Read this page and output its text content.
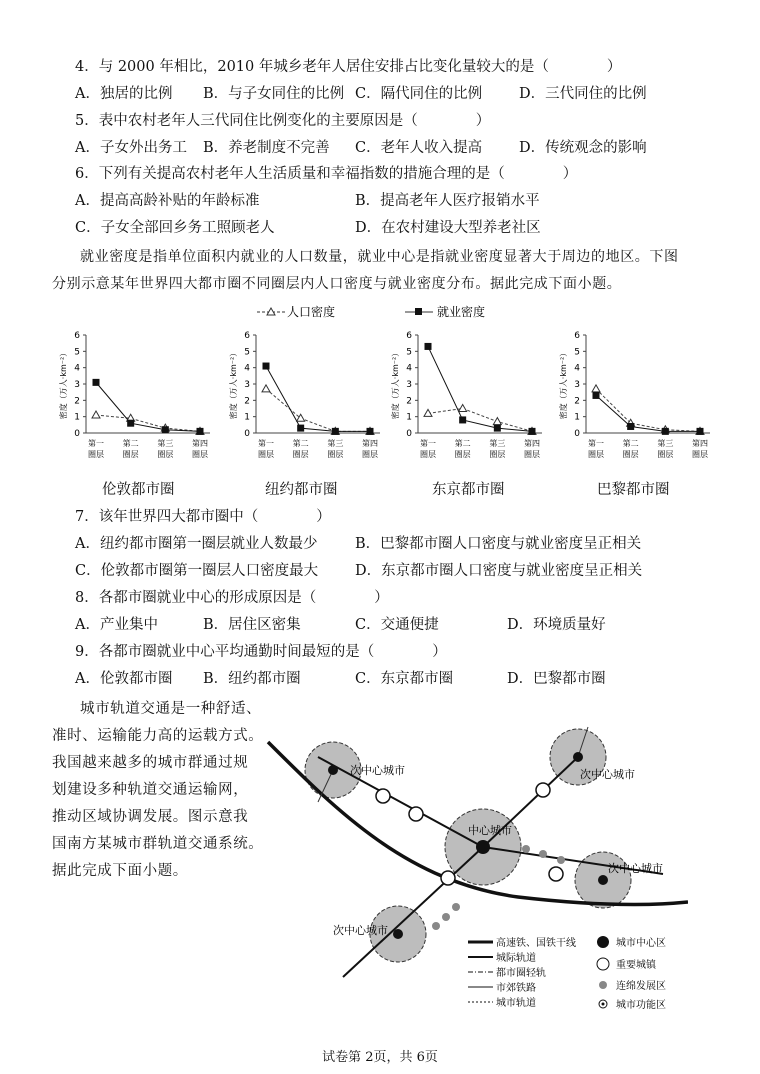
4．与 2000 年相比，2010 年城乡老年人居住安排占比变化量较大的是（　　　　）
A．独居的比例 B．与子女同住的比例 C．隔代同住的比例	D．三代同住的比例
5．表中农村老年人三代同住比例变化的主要原因是（　　　　）
A．子女外出务工 B．养老制度不完善 C．老年人收入提高	D．传统观念的影响
6．下列有关提高农村老年人生活质量和幸福指数的措施合理的是（　　　　）
A．提高高龄补贴的年龄标准	B．提高老年人医疗报销水平
C．子女全部回乡务工照顾老人	D．在农村建设大型养老社区
就业密度是指单位面积内就业的人口数量，就业中心是指就业密度显著大于周边的地区。下图
分别示意某年世界四大都市圈不同圈层内人口密度与就业密度分布。据此完成下面小题。
人口密度	就业密度
0
1
2
3
4
5
6
密度（万人·km⁻²）
第一
圈层
第二
圈层
第三
圈层
第四
圈层
0
1
2
3
4
5
6
密度（万人·km⁻²）
第一
圈层
第二
圈层
第三
圈层
第四
圈层
0
1
2
3
4
5
6
密度（万人·km⁻²）
第一
圈层
第二
圈层
第三
圈层
第四
圈层
0
1
2
3
4
5
6
密度（万人·km⁻²）
第一
圈层
第二
圈层
第三
圈层
第四
圈层
伦敦都市圈	纽约都市圈	东京都市圈	巴黎都市圈
7．该年世界四大都市圈中（　　　　）
A．纽约都市圈第一圈层就业人数最少	B．巴黎都市圈人口密度与就业密度呈正相关
C．伦敦都市圈第一圈层人口密度最大	D．东京都市圈人口密度与就业密度呈正相关
8．各都市圈就业中心的形成原因是（　　　　）
A．产业集中	B．居住区密集	C．交通便捷	D．环境质量好
9．各都市圈就业中心平均通勤时间最短的是（　　　　）
A．伦敦都市圈 B．纽约都市圈	C．东京都市圈	D．巴黎都市圈
城市轨道交通是一种舒适、
准时、运输能力高的运载方式。
我国越来越多的城市群通过规
划建设多种轨道交通运输网，
推动区域协调发展。图示意我
国南方某城市群轨道交通系统。
据此完成下面小题。
中心城市
次中心城市	次中心城市
次中心城市
次中心城市
高速铁、国铁干线
城际轨道
都市圈轻轨
市郊铁路
城市轨道
城市中心区
重要城镇
连绵发展区
城市功能区
试卷第 2页，共 6页
